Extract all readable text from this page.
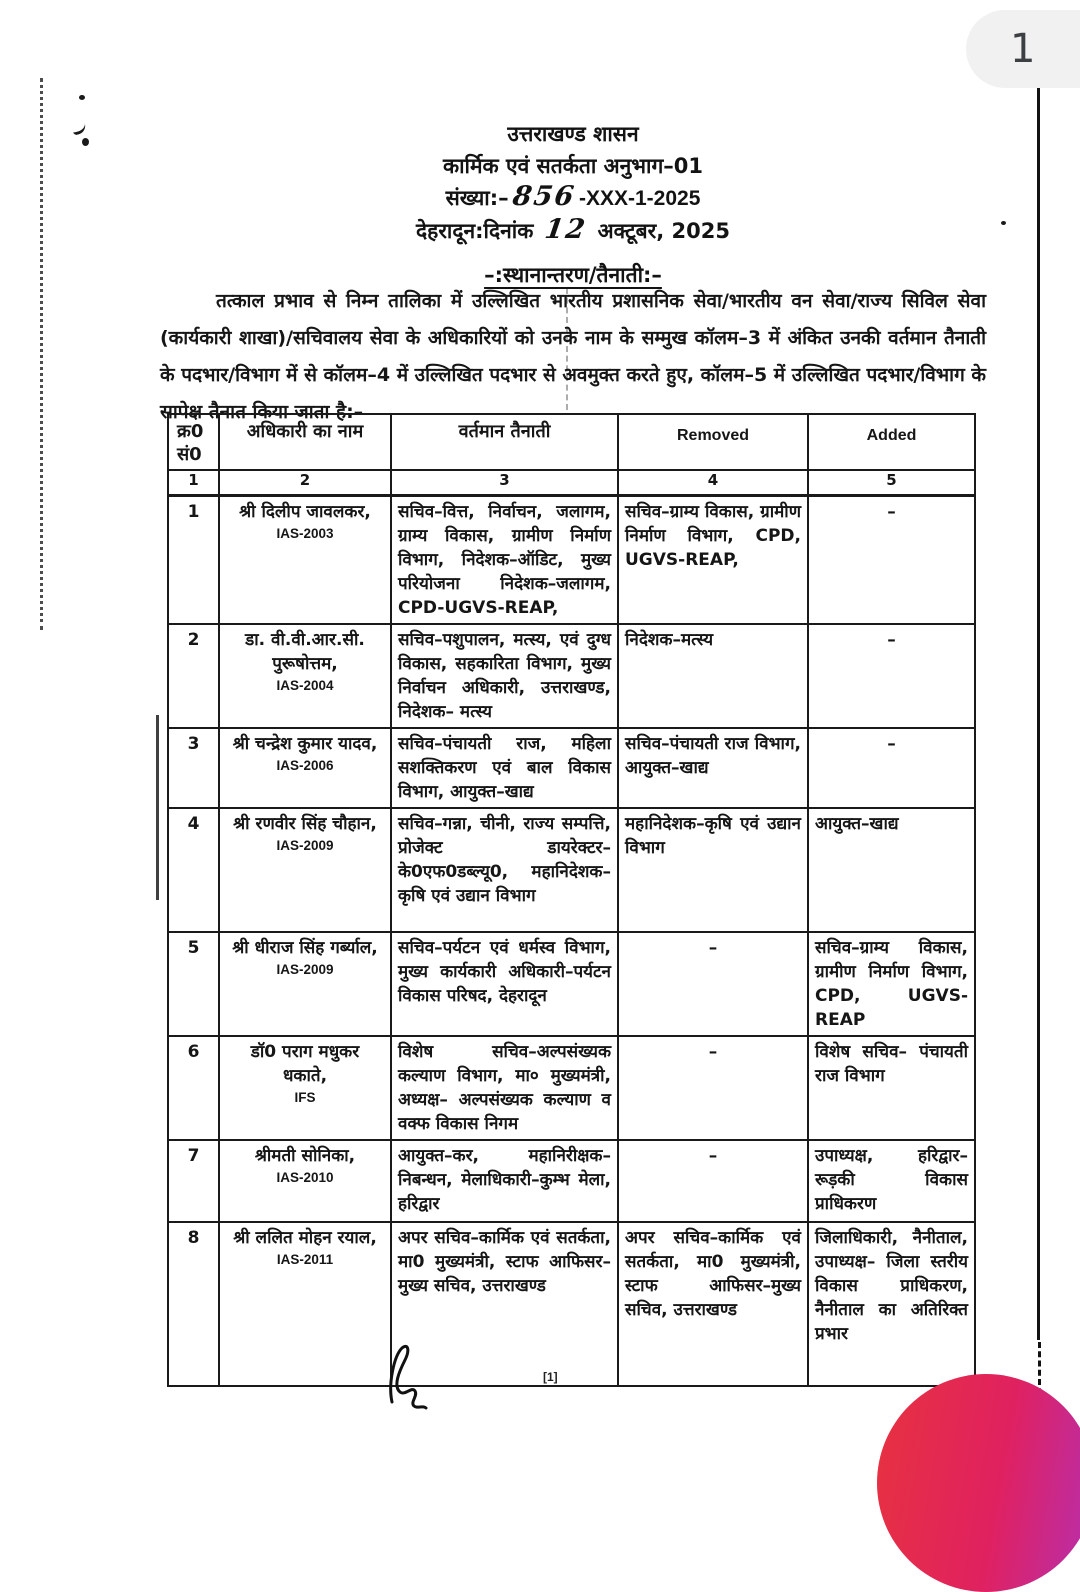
1
उत्तराखण्ड शासन
कार्मिक एवं सतर्कता अनुभाग–01
संख्या:–856-XXX-1-2025
देहरादून:दिनांक 12 अक्टूबर, 2025
–:स्थानान्तरण/तैनाती:–

तत्काल प्रभाव से निम्न तालिका में उल्लिखित भारतीय प्रशासनिक सेवा/भारतीय वन सेवा/राज्य सिविल सेवा (कार्यकारी शाखा)/सचिवालय सेवा के अधिकारियों को उनके नाम के सम्मुख कॉलम–3 में अंकित उनकी वर्तमान तैनाती के पदभार/विभाग में से कॉलम–4 में उल्लिखित पदभार से अवमुक्त करते हुए, कॉलम–5 में उल्लिखित पदभार/विभाग के सापेक्ष तैनात किया जाता है:–

क्र0 सं0	अधिकारी का नाम	वर्तमान तैनाती	Removed	Added
1	2	3	4	5
1	श्री दिलीप जावलकर,
IAS-2003	सचिव–वित्त, निर्वाचन, जलागम, ग्राम्य विकास, ग्रामीण निर्माण विभाग, निदेशक–ऑडिट, मुख्य परियोजना निदेशक–जलागम, CPD-UGVS-REAP,	सचिव–ग्राम्य विकास, ग्रामीण निर्माण विभाग, CPD, UGVS-REAP,	–
2	डा. वी.वी.आर.सी. पुरूषोत्तम,
IAS-2004	सचिव–पशुपालन, मत्स्य, एवं दुग्ध विकास, सहकारिता विभाग, मुख्य निर्वाचन अधिकारी, उत्तराखण्ड, निदेशक– मत्स्य	निदेशक–मत्स्य	–
3	श्री चन्द्रेश कुमार यादव,
IAS-2006	सचिव–पंचायती राज, महिला सशक्तिकरण एवं बाल विकास विभाग, आयुक्त–खाद्य	सचिव–पंचायती राज विभाग, आयुक्त–खाद्य	–
4	श्री रणवीर सिंह चौहान,
IAS-2009	सचिव–गन्ना, चीनी, राज्य सम्पत्ति, प्रोजेक्ट डायरेक्टर– के0एफ0डब्ल्यू0, महानिदेशक–कृषि एवं उद्यान विभाग	महानिदेशक–कृषि एवं उद्यान विभाग	आयुक्त–खाद्य
5	श्री धीराज सिंह गर्ब्याल,
IAS-2009	सचिव–पर्यटन एवं धर्मस्व विभाग, मुख्य कार्यकारी अधिकारी–पर्यटन विकास परिषद, देहरादून	–	सचिव–ग्राम्य विकास, ग्रामीण निर्माण विभाग, CPD, UGVS-REAP
6	डॉ0 पराग मधुकर धकाते,
IFS	विशेष सचिव–अल्पसंख्यक कल्याण विभाग, मा० मुख्यमंत्री, अध्यक्ष– अल्पसंख्यक कल्याण व वक्फ विकास निगम	–	विशेष सचिव– पंचायती राज विभाग
7	श्रीमती सोनिका,
IAS-2010	आयुक्त–कर, महानिरीक्षक–निबन्धन, मेलाधिकारी–कुम्भ मेला, हरिद्वार	–	उपाध्यक्ष, हरिद्वार–रूड़की विकास प्राधिकरण
8	श्री ललित मोहन रयाल,
IAS-2011	अपर सचिव–कार्मिक एवं सतर्कता, मा0 मुख्यमंत्री, स्टाफ आफिसर–मुख्य सचिव, उत्तराखण्ड	अपर सचिव–कार्मिक एवं सतर्कता, मा0 मुख्यमंत्री, स्टाफ आफिसर–मुख्य सचिव, उत्तराखण्ड	जिलाधिकारी, नैनीताल, उपाध्यक्ष– जिला स्तरीय विकास प्राधिकरण, नैनीताल का अतिरिक्त प्रभार
[1]
